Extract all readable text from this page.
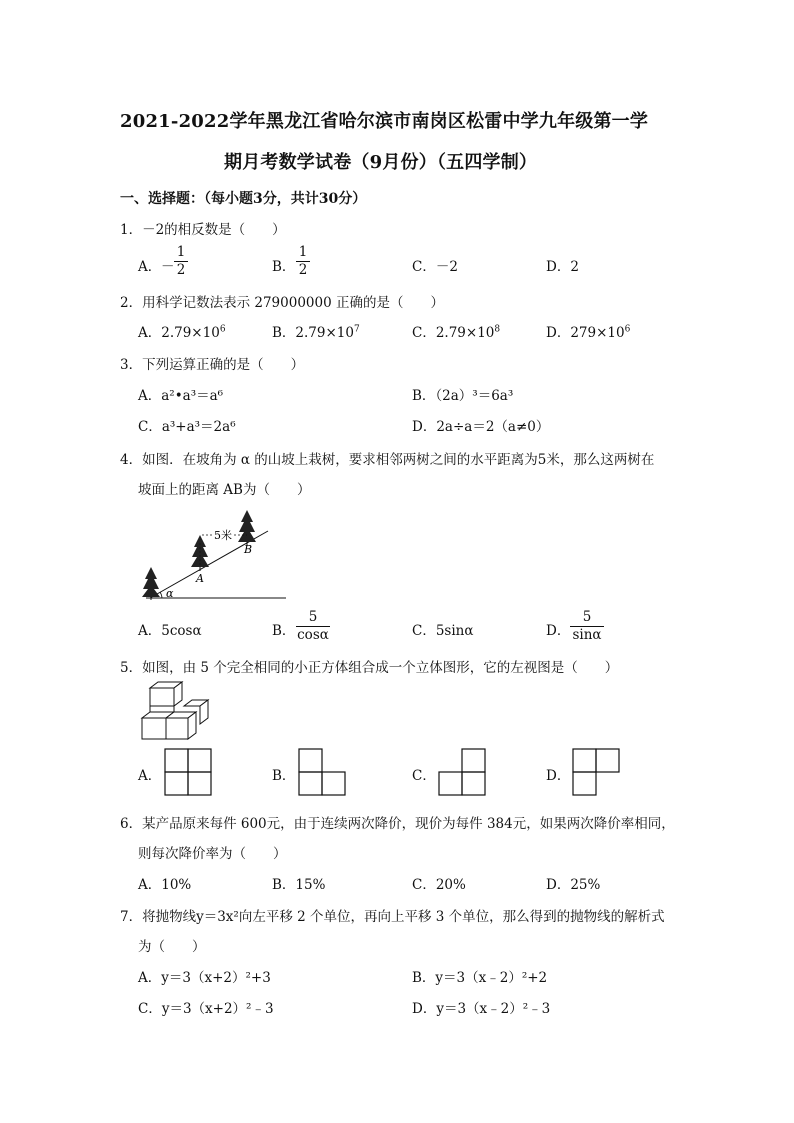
2021-2022学年黑龙江省哈尔滨市南岗区松雷中学九年级第一学
期月考数学试卷（9月份）（五四学制）
一、选择题：（每小题3分，共计30分）
1．－2的相反数是（　　）
A． － $\frac{1}{2}$	B． $\frac{1}{2}$	C．－2	D．2
2．用科学记数法表示 279000000 正确的是（　　）
A．$2.79\times 10^6$	B．$2.79\times 10^7$	C．$2.79\times 10^8$	D．$279\times 10^6$
3．下列运算正确的是（　　）
A．a²•a³＝a⁶	B．（2a）³＝6a³
C．a³+a³＝2a⁶	D．2a÷a＝2（a≠0）
4．如图．在坡角为 α 的山坡上栽树，要求相邻两树之间的水平距离为5米，那么这两树在
坡面上的距离 AB为（　　）
5米
A
B
α
A．5cosα	B． $\frac{5}{\cos\alpha}$	C．5sinα	D． $\frac{5}{\sin\alpha}$
5．如图，由 5 个完全相同的小正方体组合成一个立体图形，它的左视图是（　　）
A．	B．	C．	D．
6．某产品原来每件 600元，由于连续两次降价，现价为每件 384元，如果两次降价率相同，
则每次降价率为（　　）
A．10%	B．15%	C．20%	D．25%
7．将抛物线y＝3x²向左平移 2 个单位，再向上平移 3 个单位，那么得到的抛物线的解析式
为（　　）
A．y＝3（x+2）²+3	B．y＝3（x﹣2）²+2
C．y＝3（x+2）²﹣3	D．y＝3（x﹣2）²﹣3
